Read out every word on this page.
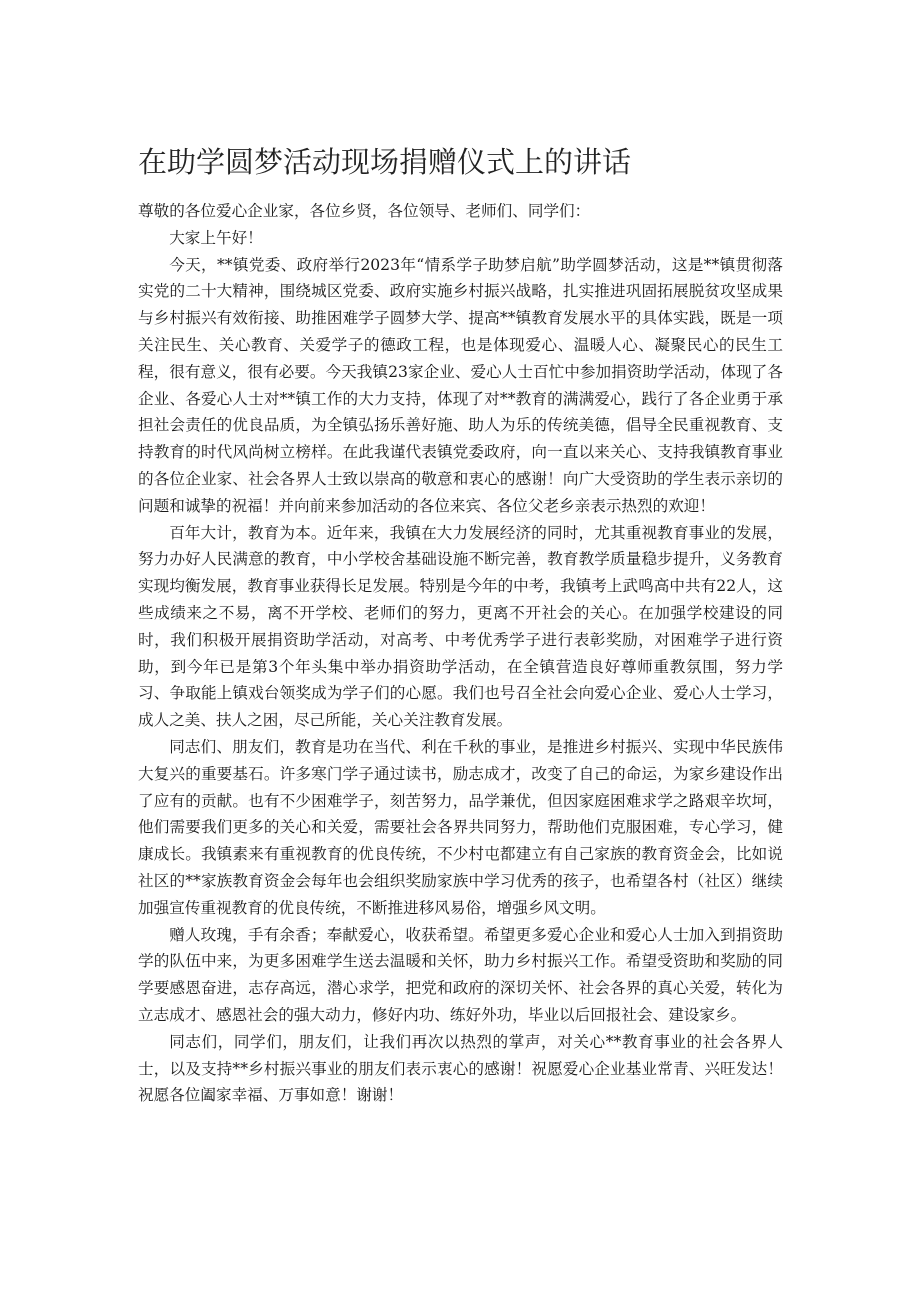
在助学圆梦活动现场捐赠仪式上的讲话

尊敬的各位爱心企业家，各位乡贤，各位领导、老师们、同学们：

大家上午好！

今天，**镇党委、政府举行2023年“情系学子助梦启航”助学圆梦活动，这是**镇贯彻落实党的二十大精神，围绕城区党委、政府实施乡村振兴战略，扎实推进巩固拓展脱贫攻坚成果与乡村振兴有效衔接、助推困难学子圆梦大学、提高**镇教育发展水平的具体实践，既是一项关注民生、关心教育、关爱学子的德政工程，也是体现爱心、温暖人心、凝聚民心的民生工程，很有意义，很有必要。今天我镇23家企业、爱心人士百忙中参加捐资助学活动，体现了各企业、各爱心人士对**镇工作的大力支持，体现了对**教育的满满爱心，践行了各企业勇于承担社会责任的优良品质，为全镇弘扬乐善好施、助人为乐的传统美德，倡导全民重视教育、支持教育的时代风尚树立榜样。在此我谨代表镇党委政府，向一直以来关心、支持我镇教育事业的各位企业家、社会各界人士致以崇高的敬意和衷心的感谢！向广大受资助的学生表示亲切的问题和诚挚的祝福！并向前来参加活动的各位来宾、各位父老乡亲表示热烈的欢迎！

百年大计，教育为本。近年来，我镇在大力发展经济的同时，尤其重视教育事业的发展，努力办好人民满意的教育，中小学校舍基础设施不断完善，教育教学质量稳步提升，义务教育实现均衡发展，教育事业获得长足发展。特别是今年的中考，我镇考上武鸣高中共有22人，这些成绩来之不易，离不开学校、老师们的努力，更离不开社会的关心。在加强学校建设的同时，我们积极开展捐资助学活动，对高考、中考优秀学子进行表彰奖励，对困难学子进行资助，到今年已是第3个年头集中举办捐资助学活动，在全镇营造良好尊师重教氛围，努力学习、争取能上镇戏台领奖成为学子们的心愿。我们也号召全社会向爱心企业、爱心人士学习，成人之美、扶人之困，尽己所能，关心关注教育发展。

同志们、朋友们，教育是功在当代、利在千秋的事业，是推进乡村振兴、实现中华民族伟大复兴的重要基石。许多寒门学子通过读书，励志成才，改变了自己的命运，为家乡建设作出了应有的贡献。也有不少困难学子，刻苦努力，品学兼优，但因家庭困难求学之路艰辛坎坷，他们需要我们更多的关心和关爱，需要社会各界共同努力，帮助他们克服困难，专心学习，健康成长。我镇素来有重视教育的优良传统，不少村屯都建立有自己家族的教育资金会，比如说社区的**家族教育资金会每年也会组织奖励家族中学习优秀的孩子，也希望各村（社区）继续加强宣传重视教育的优良传统，不断推进移风易俗，增强乡风文明。

赠人玫瑰，手有余香；奉献爱心，收获希望。希望更多爱心企业和爱心人士加入到捐资助学的队伍中来，为更多困难学生送去温暖和关怀，助力乡村振兴工作。希望受资助和奖励的同学要感恩奋进，志存高远，潜心求学，把党和政府的深切关怀、社会各界的真心关爱，转化为立志成才、感恩社会的强大动力，修好内功、练好外功，毕业以后回报社会、建设家乡。

同志们，同学们，朋友们，让我们再次以热烈的掌声，对关心**教育事业的社会各界人士，以及支持**乡村振兴事业的朋友们表示衷心的感谢！祝愿爱心企业基业常青、兴旺发达！祝愿各位阖家幸福、万事如意！谢谢！
